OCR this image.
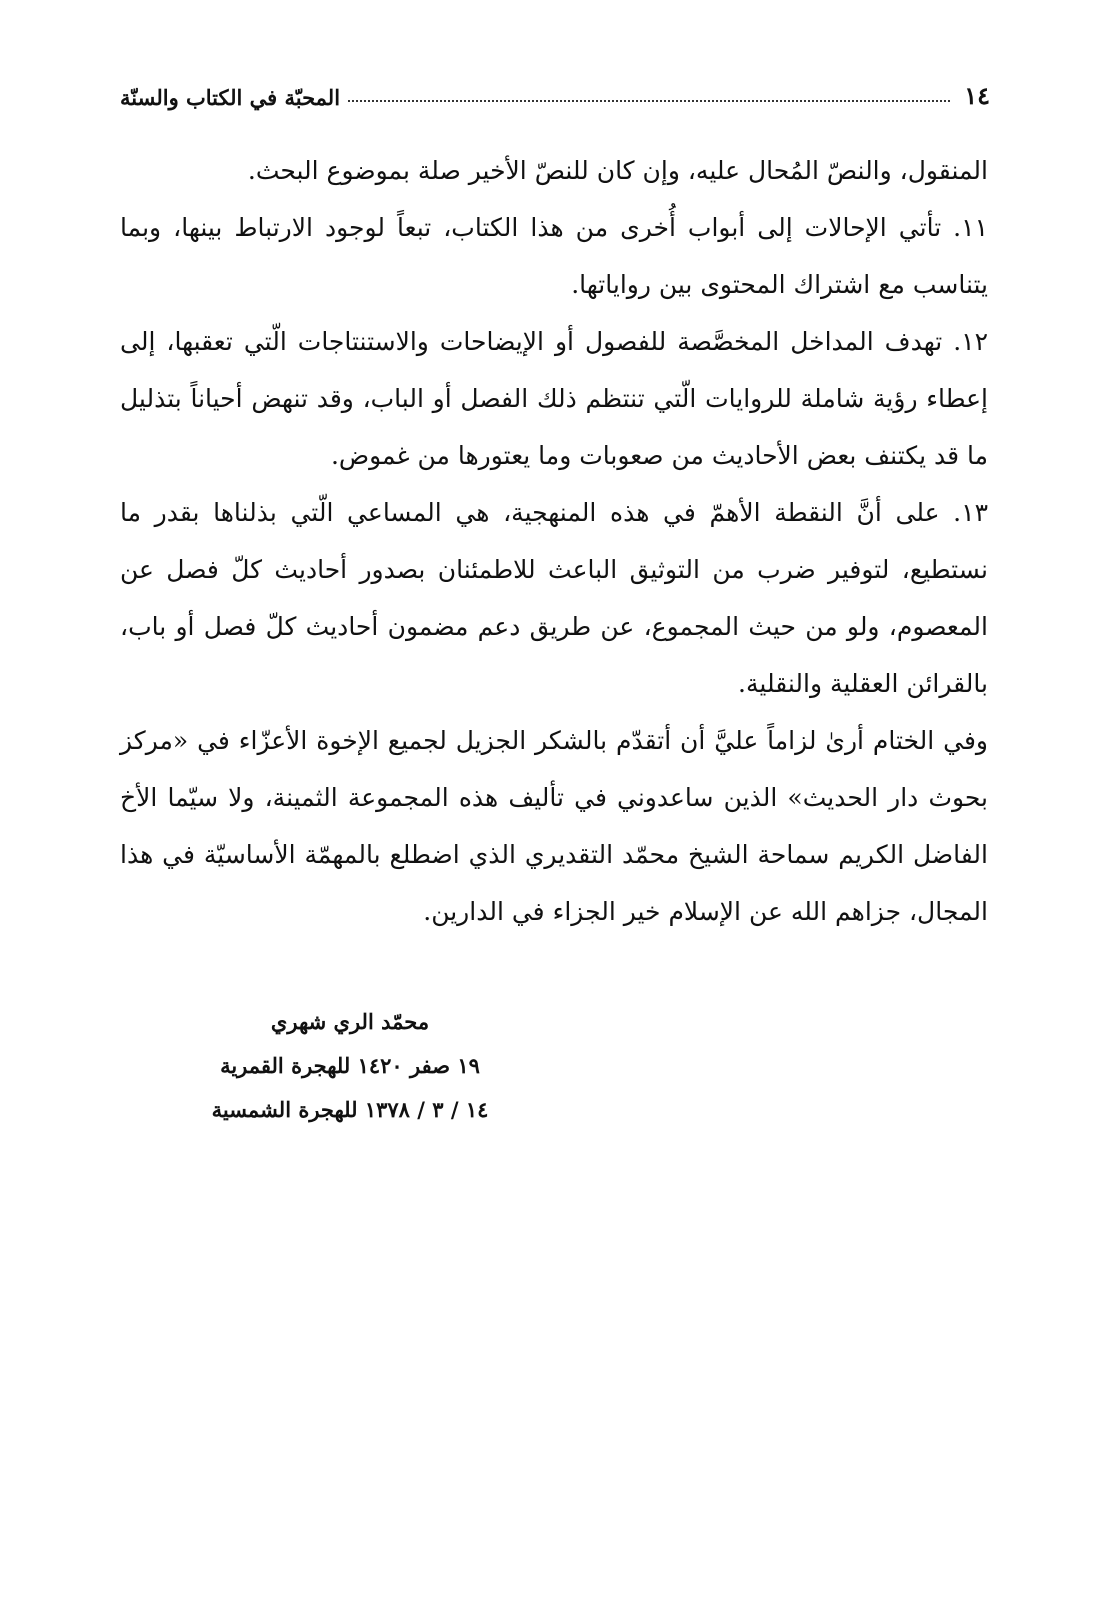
١٤
المحبّة في الكتاب والسنّة

المنقول، والنصّ المُحال عليه، وإن كان للنصّ الأخير صلة بموضوع البحث.

١١. تأتي الإحالات إلى أبواب أُخرى من هذا الكتاب، تبعاً لوجود الارتباط بينها، وبما يتناسب مع اشتراك المحتوى بين رواياتها.

١٢. تهدف المداخل المخصَّصة للفصول أو الإيضاحات والاستنتاجات الّتي تعقبها، إلى إعطاء رؤية شاملة للروايات الّتي تنتظم ذلك الفصل أو الباب، وقد تنهض أحياناً بتذليل ما قد يكتنف بعض الأحاديث من صعوبات وما يعتورها من غموض.

١٣. على أنَّ النقطة الأهمّ في هذه المنهجية، هي المساعي الّتي بذلناها بقدر ما نستطيع، لتوفير ضرب من التوثيق الباعث للاطمئنان بصدور أحاديث كلّ فصل عن المعصوم، ولو من حيث المجموع، عن طريق دعم مضمون أحاديث كلّ فصل أو باب، بالقرائن العقلية والنقلية.

وفي الختام أرىٰ لزاماً عليَّ أن أتقدّم بالشكر الجزيل لجميع الإخوة الأعزّاء في «مركز بحوث دار الحديث» الذين ساعدوني في تأليف هذه المجموعة الثمينة، ولا سيّما الأخ الفاضل الكريم سماحة الشيخ محمّد التقديري الذي اضطلع بالمهمّة الأساسيّة في هذا المجال، جزاهم الله عن الإسلام خير الجزاء في الدارين.

محمّد الري شهري
١٩ صفر ١٤٢٠ للهجرة القمرية
١٤ / ٣ / ١٣٧٨ للهجرة الشمسية
